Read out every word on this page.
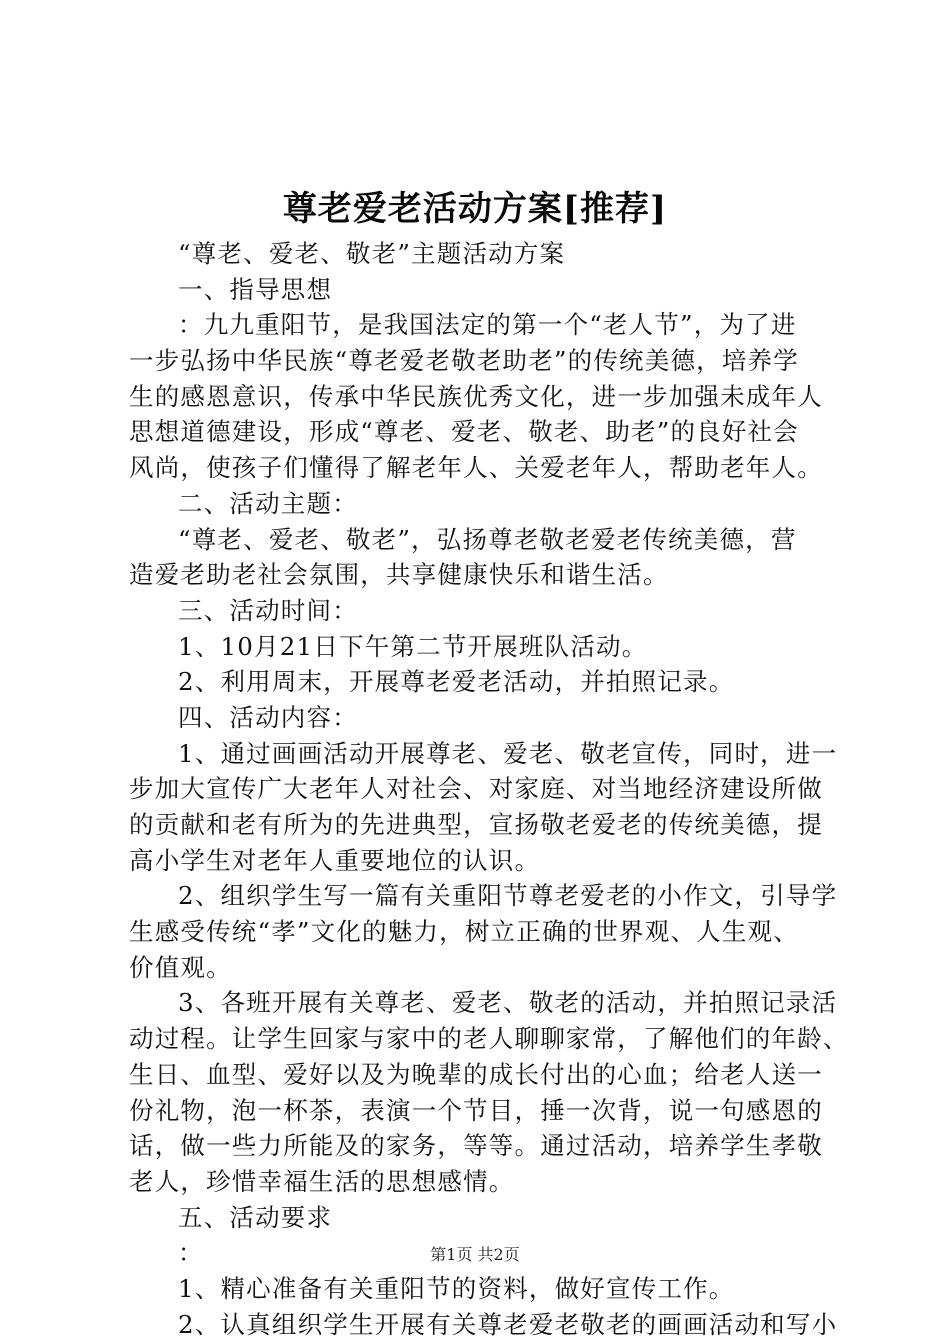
尊老爱老活动方案[推荐]
“尊老、爱老、敬老”主题活动方案
一、指导思想
：九九重阳节，是我国法定的第一个“老人节”，为了进
一步弘扬中华民族“尊老爱老敬老助老”的传统美德，培养学
生的感恩意识，传承中华民族优秀文化，进一步加强未成年人
思想道德建设，形成“尊老、爱老、敬老、助老”的良好社会
风尚，使孩子们懂得了解老年人、关爱老年人，帮助老年人。
二、活动主题：
“尊老、爱老、敬老”，弘扬尊老敬老爱老传统美德，营
造爱老助老社会氛围，共享健康快乐和谐生活。
三、活动时间：
1、10月21日下午第二节开展班队活动。
2、利用周末，开展尊老爱老活动，并拍照记录。
四、活动内容：
1、通过画画活动开展尊老、爱老、敬老宣传，同时，进一
步加大宣传广大老年人对社会、对家庭、对当地经济建设所做
的贡献和老有所为的先进典型，宣扬敬老爱老的传统美德，提
高小学生对老年人重要地位的认识。
2、组织学生写一篇有关重阳节尊老爱老的小作文，引导学
生感受传统“孝”文化的魅力，树立正确的世界观、人生观、
价值观。
3、各班开展有关尊老、爱老、敬老的活动，并拍照记录活
动过程。让学生回家与家中的老人聊聊家常，了解他们的年龄、
生日、血型、爱好以及为晚辈的成长付出的心血；给老人送一
份礼物，泡一杯茶，表演一个节目，捶一次背，说一句感恩的
话，做一些力所能及的家务，等等。通过活动，培养学生孝敬
老人，珍惜幸福生活的思想感情。
五、活动要求
：
1、精心准备有关重阳节的资料，做好宣传工作。
2、认真组织学生开展有关尊老爱老敬老的画画活动和写小
第1页 共2页
